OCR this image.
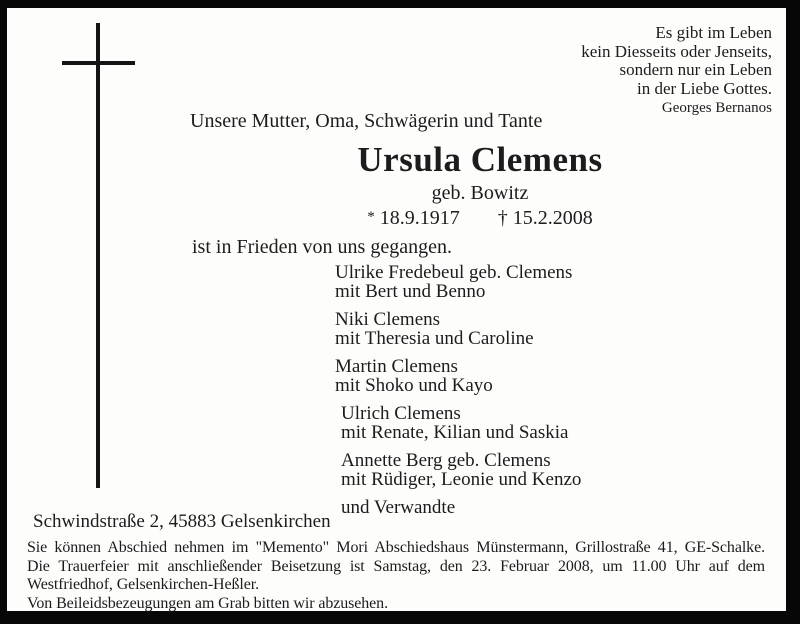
Es gibt im Leben
kein Diesseits oder Jenseits,
sondern nur ein Leben
in der Liebe Gottes.
Georges Bernanos
Unsere Mutter, Oma, Schwägerin und Tante
Ursula Clemens
geb. Bowitz
* 18.9.1917 † 15.2.2008
ist in Frieden von uns gegangen.
Ulrike Fredebeul geb. Clemens
mit Bert und Benno
Niki Clemens
mit Theresia und Caroline
Martin Clemens
mit Shoko und Kayo
Ulrich Clemens
mit Renate, Kilian und Saskia
Annette Berg geb. Clemens
mit Rüdiger, Leonie und Kenzo
und Verwandte
Schwindstraße 2, 45883 Gelsenkirchen
Sie können Abschied nehmen im "Memento" Mori Abschiedshaus Münstermann, Grillostraße 41, GE-Schalke.
Die Trauerfeier mit anschließender Beisetzung ist Samstag, den 23. Februar 2008, um 11.00 Uhr auf dem
Westfriedhof, Gelsenkirchen-Heßler.
Von Beileidsbezeugungen am Grab bitten wir abzusehen.
